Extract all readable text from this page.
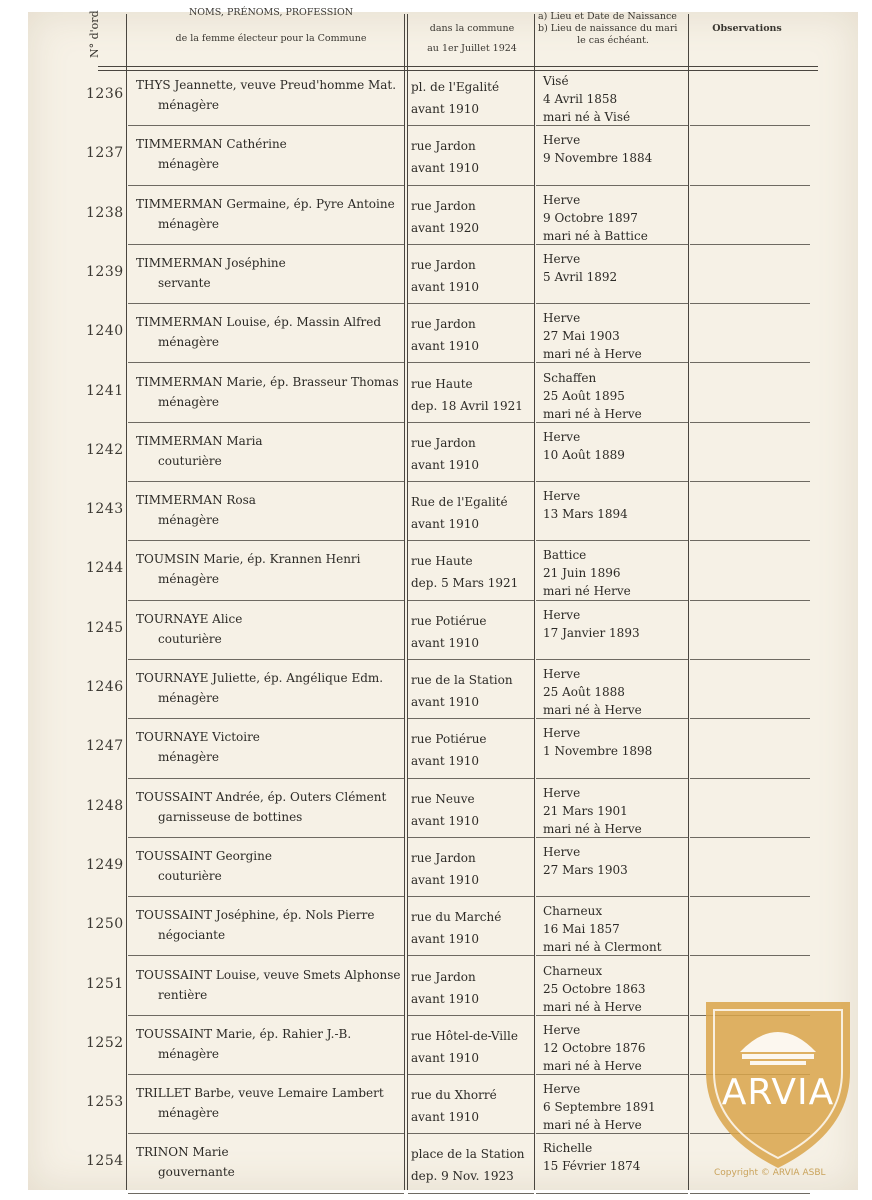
N° d'ord	NOMS, PRÉNOMS, PROFESSION
de la femme électeur pour la Commune
dans la commune
au 1er Juillet 1924
a) Lieu et Date de Naissance
b) Lieu de naissance du mari
le cas échéant.
Observations
1236
THYS Jeannette, veuve Preud'homme Mat.
ménagère
pl. de l'Egalité
avant 1910
Visé
4 Avril 1858
mari né à Visé
1237
TIMMERMAN Cathérine
ménagère
rue Jardon
avant 1910
Herve
9 Novembre 1884
1238
TIMMERMAN Germaine, ép. Pyre Antoine
ménagère
rue Jardon
avant 1920
Herve
9 Octobre 1897
mari né à Battice
1239
TIMMERMAN Joséphine
servante
rue Jardon
avant 1910
Herve
5 Avril 1892
1240
TIMMERMAN Louise, ép. Massin Alfred
ménagère
rue Jardon
avant 1910
Herve
27 Mai 1903
mari né à Herve
1241
TIMMERMAN Marie, ép. Brasseur Thomas
ménagère
rue Haute
dep. 18 Avril 1921
Schaffen
25 Août 1895
mari né à Herve
1242
TIMMERMAN Maria
couturière
rue Jardon
avant 1910
Herve
10 Août 1889
1243
TIMMERMAN Rosa
ménagère
Rue de l'Egalité
avant 1910
Herve
13 Mars 1894
1244
TOUMSIN Marie, ép. Krannen Henri
ménagère
rue Haute
dep. 5 Mars 1921
Battice
21 Juin 1896
mari né Herve
1245
TOURNAYE Alice
couturière
rue Potiérue
avant 1910
Herve
17 Janvier 1893
1246
TOURNAYE Juliette, ép. Angélique Edm.
ménagère
rue de la Station
avant 1910
Herve
25 Août 1888
mari né à Herve
1247
TOURNAYE Victoire
ménagère
rue Potiérue
avant 1910
Herve
1 Novembre 1898
1248
TOUSSAINT Andrée, ép. Outers Clément
garnisseuse de bottines
rue Neuve
avant 1910
Herve
21 Mars 1901
mari né à Herve
1249
TOUSSAINT Georgine
couturière
rue Jardon
avant 1910
Herve
27 Mars 1903
1250
TOUSSAINT Joséphine, ép. Nols Pierre
négociante
rue du Marché
avant 1910
Charneux
16 Mai 1857
mari né à Clermont
1251
TOUSSAINT Louise, veuve Smets Alphonse
rentière
rue Jardon
avant 1910
Charneux
25 Octobre 1863
mari né à Herve
1252
TOUSSAINT Marie, ép. Rahier J.-B.
ménagère
rue Hôtel-de-Ville
avant 1910
Herve
12 Octobre 1876
mari né à Herve
1253
TRILLET Barbe, veuve Lemaire Lambert
ménagère
rue du Xhorré
avant 1910
Herve
6 Septembre 1891
mari né à Herve
1254
TRINON Marie
gouvernante
place de la Station
dep. 9 Nov. 1923
Richelle
15 Février 1874
ARVIA
Copyright © ARVIA ASBL
